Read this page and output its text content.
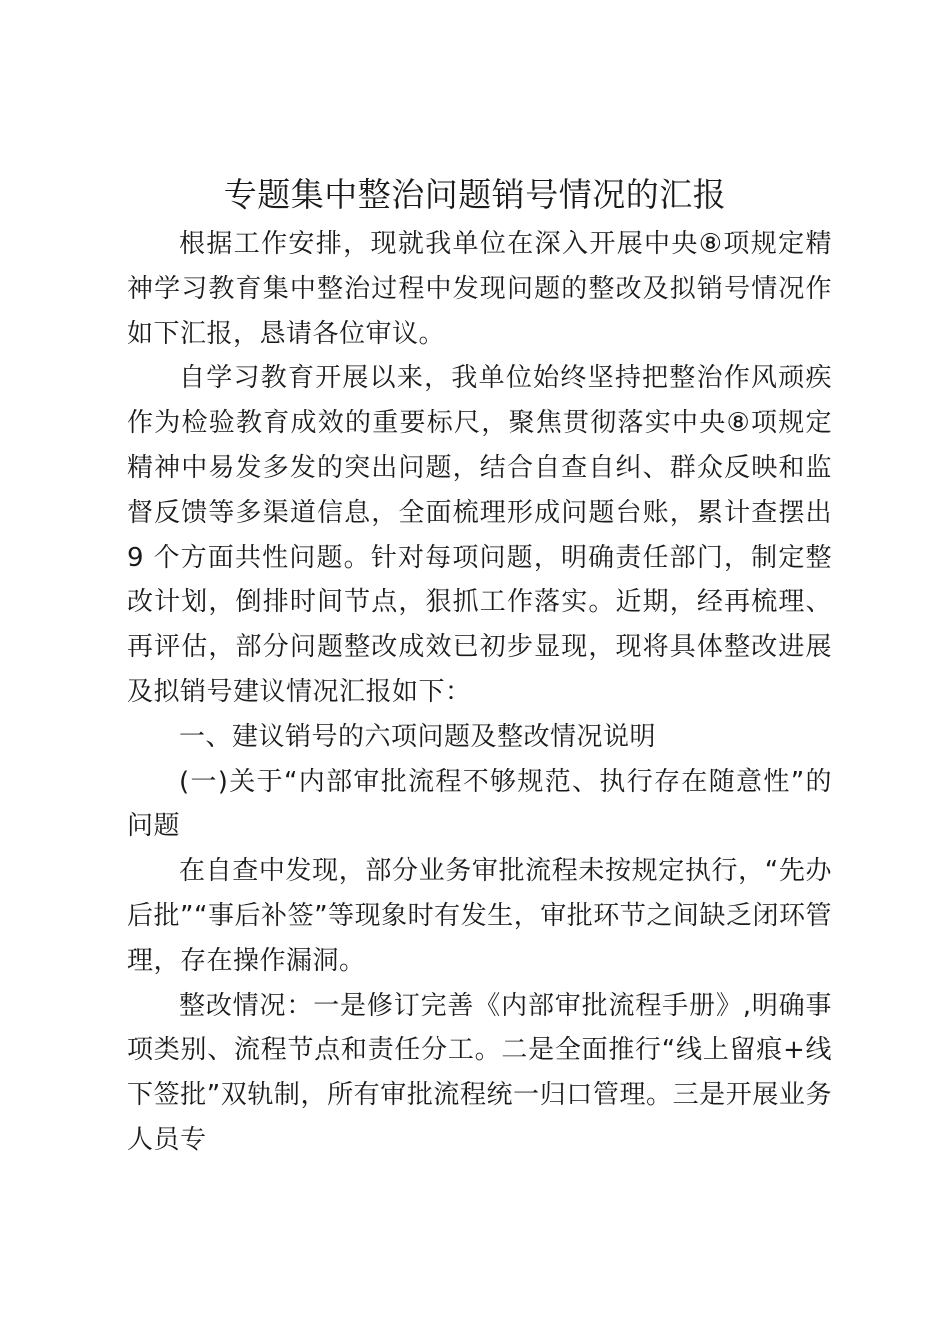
专题集中整治问题销号情况的汇报

根据工作安排，现就我单位在深入开展中央⑧项规定精神学习教育集中整治过程中发现问题的整改及拟销号情况作如下汇报，恳请各位审议。

自学习教育开展以来，我单位始终坚持把整治作风顽疾作为检验教育成效的重要标尺，聚焦贯彻落实中央⑧项规定精神中易发多发的突出问题，结合自查自纠、群众反映和监督反馈等多渠道信息，全面梳理形成问题台账，累计查摆出 9 个方面共性问题。针对每项问题，明确责任部门，制定整改计划，倒排时间节点，狠抓工作落实。近期，经再梳理、再评估，部分问题整改成效已初步显现，现将具体整改进展及拟销号建议情况汇报如下：

一、建议销号的六项问题及整改情况说明

(一)关于“内部审批流程不够规范、执行存在随意性”的问题

在自查中发现，部分业务审批流程未按规定执行，“先办后批”“事后补签”等现象时有发生，审批环节之间缺乏闭环管理，存在操作漏洞。

整改情况：一是修订完善《内部审批流程手册》,明确事项类别、流程节点和责任分工。二是全面推行“线上留痕+线下签批”双轨制，所有审批流程统一归口管理。三是开展业务人员专
